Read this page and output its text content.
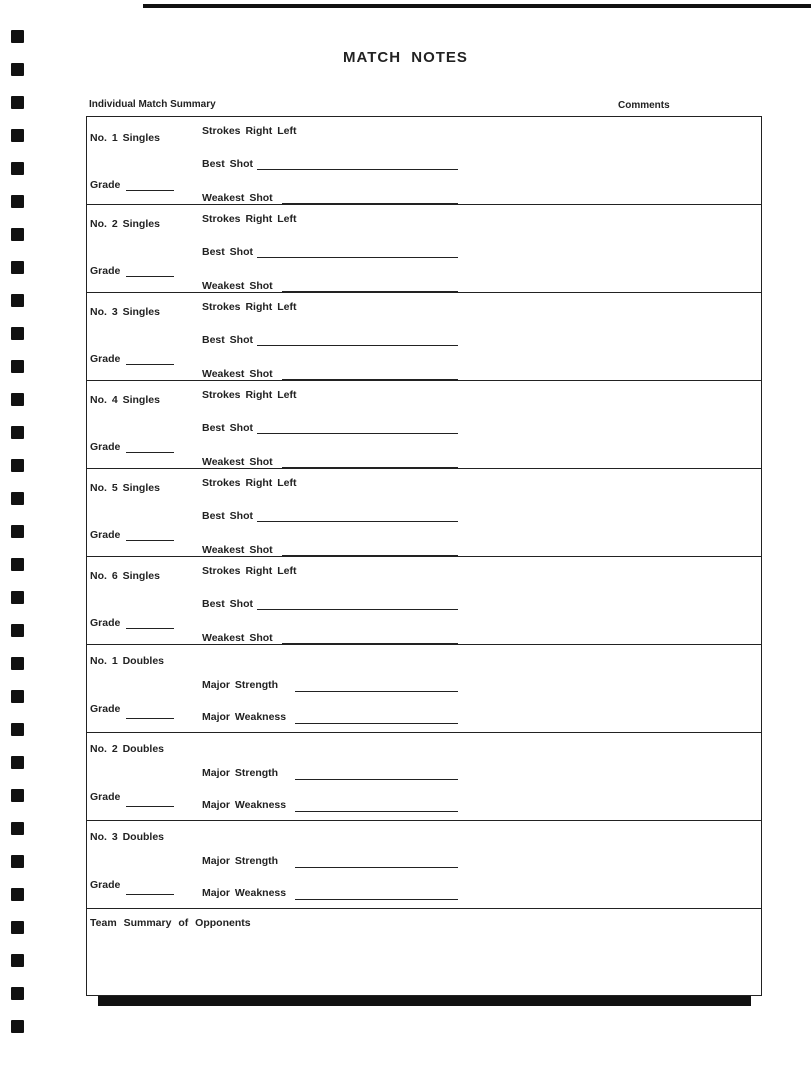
MATCH NOTES
Individual Match Summary	Comments
No. 1 Singles
Strokes Right Left
Best Shot
Grade
Weakest Shot
No. 2 Singles	Strokes Right Left
Best Shot
Grade
Weakest Shot
No. 3 Singles	Strokes Right Left
Best Shot
Grade
Weakest Shot
No. 4 Singles	Strokes Right Left
Best Shot
Grade
Weakest Shot
No. 5 Singles	Strokes Right Left
Best Shot
Grade
Weakest Shot
No. 6 Singles	Strokes Right Left
Best Shot
Grade
Weakest Shot
No. 1 Doubles
Major Strength
Grade
Major Weakness
No. 2 Doubles
Major Strength
Grade
Major Weakness
No. 3 Doubles
Major Strength
Grade
Major Weakness
Team Summary of Opponents
